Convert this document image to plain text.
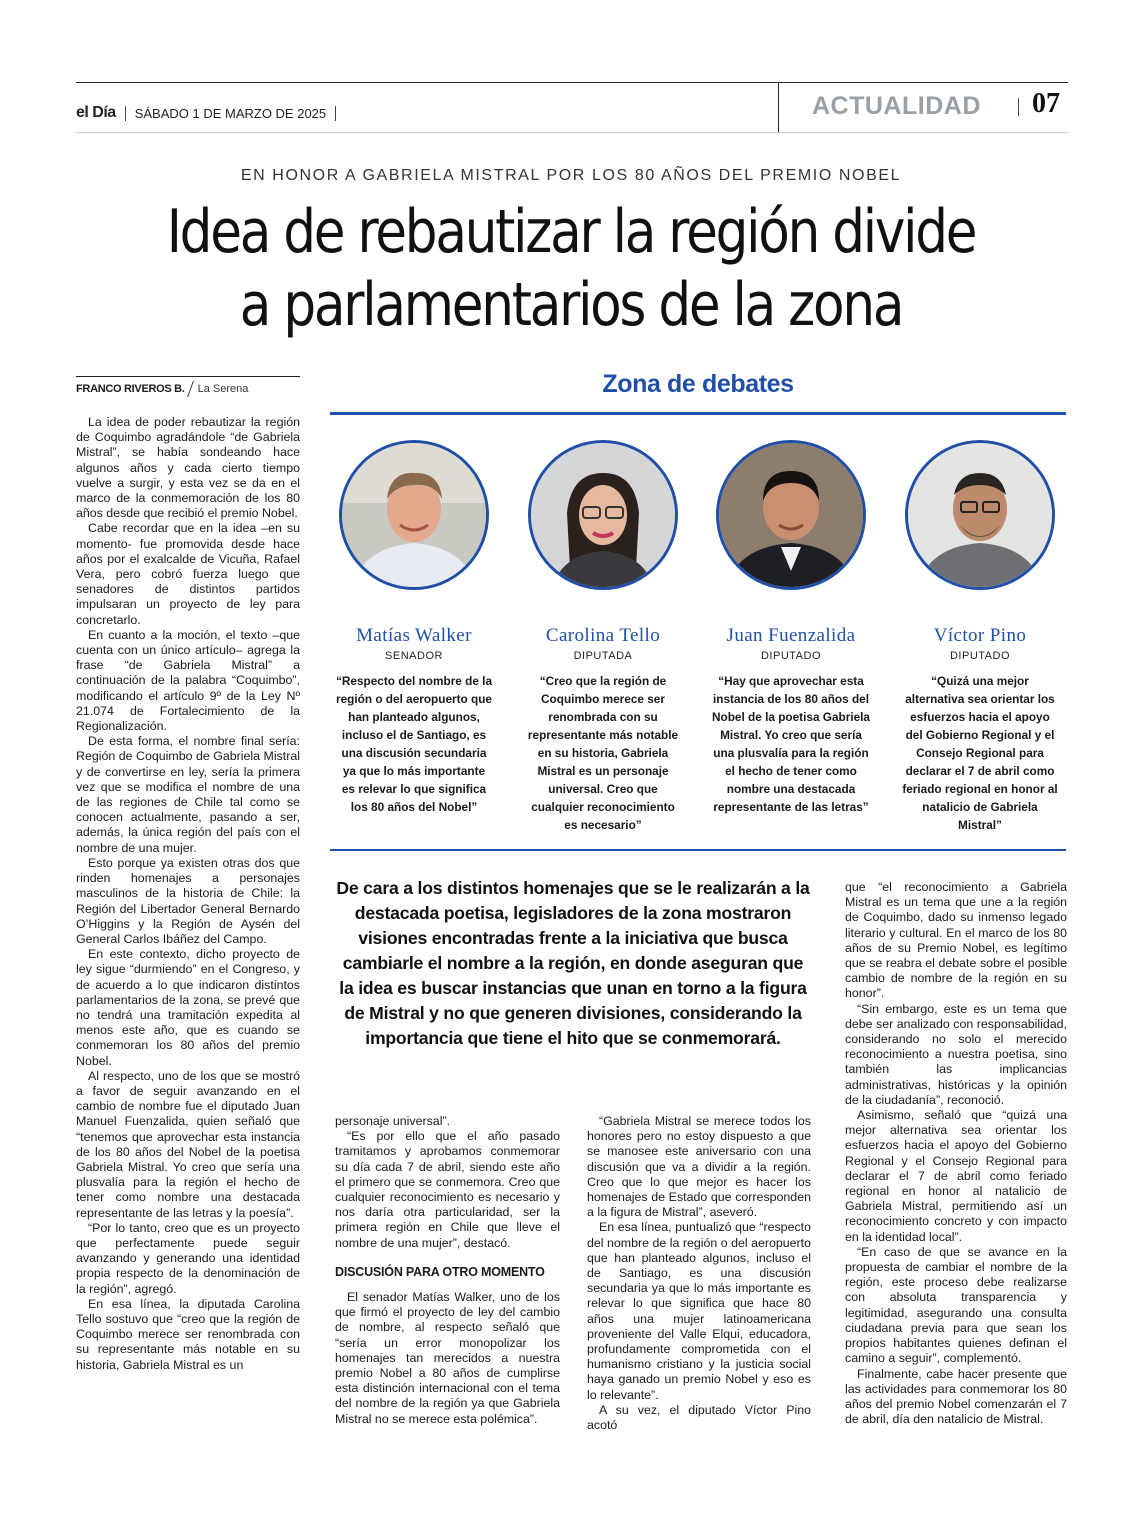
el Día SÁBADO 1 DE MARZO DE 2025	ACTUALIDAD 07
EN HONOR A GABRIELA MISTRAL POR LOS 80 AÑOS DEL PREMIO NOBEL
Idea de rebautizar la región divide
a parlamentarios de la zona
FRANCO RIVEROS B. La Serena

La idea de poder rebautizar la región de Coquimbo agradándole “de Gabriela Mistral”, se había sondeando hace algunos años y cada cierto tiempo vuelve a surgir, y esta vez se da en el marco de la conmemoración de los 80 años desde que recibió el premio Nobel.

Cabe recordar que en la idea –en su momento- fue promovida desde hace años por el exalcalde de Vicuña, Rafael Vera, pero cobró fuerza luego que senadores de distintos partidos impulsaran un proyecto de ley para concretarlo.

En cuanto a la moción, el texto –que cuenta con un único artículo– agrega la frase “de Gabriela Mistral” a continuación de la palabra “Coquimbo”, modificando el artículo 9º de la Ley Nº 21.074 de Fortalecimiento de la Regionalización.

De esta forma, el nombre final sería: Región de Coquimbo de Gabriela Mistral y de convertirse en ley, sería la primera vez que se modifica el nombre de una de las regiones de Chile tal como se conocen actualmente, pasando a ser, además, la única región del país con el nombre de una mujer.

Esto porque ya existen otras dos que rinden homenajes a personajes masculinos de la historia de Chile: la Región del Libertador General Bernardo O’Higgins y la Región de Aysén del General Carlos Ibáñez del Campo.

En este contexto, dicho proyecto de ley sigue “durmiendo” en el Congreso, y de acuerdo a lo que indicaron distintos parlamentarios de la zona, se prevé que no tendrá una tramitación expedita al menos este año, que es cuando se conmemoran los 80 años del premio Nobel.

Al respecto, uno de los que se mostró a favor de seguir avanzando en el cambio de nombre fue el diputado Juan Manuel Fuenzalida, quien señaló que “tenemos que aprovechar esta instancia de los 80 años del Nobel de la poetisa Gabriela Mistral. Yo creo que sería una plusvalía para la región el hecho de tener como nombre una destacada representante de las letras y la poesía”.

“Por lo tanto, creo que es un proyecto que perfectamente puede seguir avanzando y generando una identidad propia respecto de la denominación de la región”, agregó.

En esa línea, la diputada Carolina Tello sostuvo que “creo que la región de Coquimbo merece ser renombrada con su representante más notable en su historia, Gabriela Mistral es un

Zona de debates
Matías Walker
SENADOR
“Respecto del nombre de la región o del aeropuerto que han planteado algunos, incluso el de Santiago, es una discusión secundaria ya que lo más importante es relevar lo que significa los 80 años del Nobel”
Carolina Tello
DIPUTADA
“Creo que la región de Coquimbo merece ser renombrada con su representante más notable en su historia, Gabriela Mistral es un personaje universal. Creo que cualquier reconocimiento es necesario”
Juan Fuenzalida
DIPUTADO
“Hay que aprovechar esta instancia de los 80 años del Nobel de la poetisa Gabriela Mistral. Yo creo que sería una plusvalía para la región el hecho de tener como nombre una destacada representante de las letras”
Víctor Pino
DIPUTADO
“Quizá una mejor alternativa sea orientar los esfuerzos hacia el apoyo del Gobierno Regional y el Consejo Regional para declarar el 7 de abril como feriado regional en honor al natalicio de Gabriela Mistral”
De cara a los distintos homenajes que se le realizarán a la destacada poetisa, legisladores de la zona mostraron visiones encontradas frente a la iniciativa que busca cambiarle el nombre a la región, en donde aseguran que la idea es buscar instancias que unan en torno a la figura de Mistral y no que generen divisiones, considerando la importancia que tiene el hito que se conmemorará.

personaje universal”.

“Es por ello que el año pasado tramitamos y aprobamos conmemorar su día cada 7 de abril, siendo este año el primero que se conmemora. Creo que cualquier reconocimiento es necesario y nos daría otra particularidad, ser la primera región en Chile que lleve el nombre de una mujer”, destacó.

DISCUSIÓN PARA OTRO MOMENTO

El senador Matías Walker, uno de los que firmó el proyecto de ley del cambio de nombre, al respecto señaló que “sería un error monopolizar los homenajes tan merecidos a nuestra premio Nobel a 80 años de cumplirse esta distinción internacional con el tema del nombre de la región ya que Gabriela Mistral no se merece esta polémica”.

“Gabriela Mistral se merece todos los honores pero no estoy dispuesto a que se manosee este aniversario con una discusión que va a dividir a la región. Creo que lo que mejor es hacer los homenajes de Estado que corresponden a la figura de Mistral”, aseveró.

En esa línea, puntualizó que “respecto del nombre de la región o del aeropuerto que han planteado algunos, incluso el de Santiago, es una discusión secundaria ya que lo más importante es relevar lo que significa que hace 80 años una mujer latinoamericana proveniente del Valle Elqui, educadora, profundamente comprometida con el humanismo cristiano y la justicia social haya ganado un premio Nobel y eso es lo relevante”.

A su vez, el diputado Víctor Pino acotó

que “el reconocimiento a Gabriela Mistral es un tema que une a la región de Coquimbo, dado su inmenso legado literario y cultural. En el marco de los 80 años de su Premio Nobel, es legítimo que se reabra el debate sobre el posible cambio de nombre de la región en su honor”.

“Sin embargo, este es un tema que debe ser analizado con responsabilidad, considerando no solo el merecido reconocimiento a nuestra poetisa, sino también las implicancias administrativas, históricas y la opinión de la ciudadanía”, reconoció.

Asimismo, señaló que “quizá una mejor alternativa sea orientar los esfuerzos hacia el apoyo del Gobierno Regional y el Consejo Regional para declarar el 7 de abril como feriado regional en honor al natalicio de Gabriela Mistral, permitiendo así un reconocimiento concreto y con impacto en la identidad local”.

“En caso de que se avance en la propuesta de cambiar el nombre de la región, este proceso debe realizarse con absoluta transparencia y legitimidad, asegurando una consulta ciudadana previa para que sean los propios habitantes quienes definan el camino a seguir”, complementó.

Finalmente, cabe hacer presente que las actividades para conmemorar los 80 años del premio Nobel comenzarán el 7 de abril, día den natalicio de Mistral.
